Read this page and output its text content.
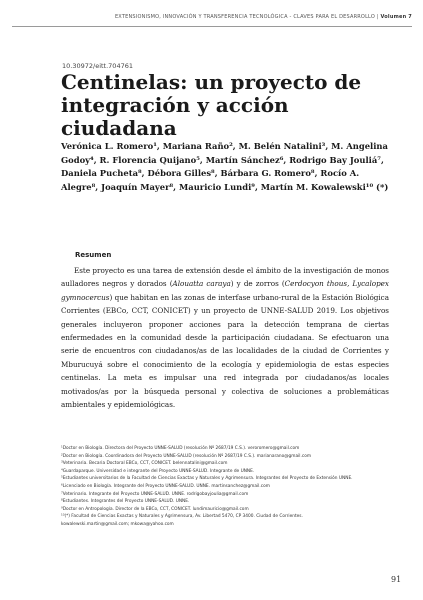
EXTENSIONISMO, INNOVACIÓN Y TRANSFERENCIA TECNOLÓGICA - CLAVES PARA EL DESARROLLO | Volumen 7
10.30972/eitt.704761
Centinelas: un proyecto de integración y acción ciudadana

Verónica L. Romero¹, Mariana Raño², M. Belén Natalini³, M. Angelina Godoy⁴, R. Florencia Quijano⁵, Martín Sánchez⁶, Rodrigo Bay Jouliá⁷, Daniela Pucheta⁸, Débora Gilles⁸, Bárbara G. Romero⁸, Rocío A. Alegre⁸, Joaquín Mayer⁸, Mauricio Lundi⁹, Martín M. Kowalewski¹⁰ (*)

Resumen

Este proyecto es una tarea de extensión desde el ámbito de la investigación de monos aulladores negros y dorados (Alouatta caraya) y de zorros (Cerdocyon thous, Lycalopex gymnocercus) que habitan en las zonas de interfase urbano-rural de la Estación Biológica Corrientes (EBCo, CCT, CONICET) y un proyecto de UNNE-SALUD 2019. Los objetivos generales incluyeron proponer acciones para la detección temprana de ciertas enfermedades en la comunidad desde la participación ciudadana. Se efectuaron una serie de encuentros con ciudadanos/as de las localidades de la ciudad de Corrientes y Mburucuyá sobre el conocimiento de la ecología y epidemiologia de estas especies centinelas. La meta es impulsar una red integrada por ciudadanos/as locales motivados/as por la búsqueda personal y colectiva de soluciones a problemáticas ambientales y epidemiológicas.

¹Doctor en Biología. Directora del Proyecto UNNE-SALUD (resolución Nº 2687/19 C.S.). veroromero@gmail.com

²Doctor en Biología. Coordinadora del Proyecto UNNE-SALUD (resolución Nº 2687/19 C.S.). marianarano@gmail.com

³Veterinaria. Becaria Doctoral EBCo, CCT, CONICET. belennatalini@gmail.com

⁴Guardaparque. Universidad e integrante del Proyecto UNNE-SALUD. Integrante de UNNE.

⁵Estudiantes universitarios de la Facultad de Ciencias Exactas y Naturales y Agrimensura. Integrantes del Proyecto de Extensión UNNE.

⁶Licenciado en Biología. Integrante del Proyecto UNNE-SALUD. UNNE. martinsanchez@gmail.com

⁷Veterinario. Integrante del Proyecto UNNE-SALUD. UNNE. rodrigobayjoulia@gmail.com

⁸Estudiantes. Integrantes del Proyecto UNNE-SALUD. UNNE.

⁹Doctor en Antropología. Director de la EBCo, CCT, CONICET. lundimauricio@gmail.com

¹⁰(*) Facultad de Ciencias Exactas y Naturales y Agrimensura, Av. Libertad 5470, CP 3400. Ciudad de Corrientes.

kowalewski.martin@gmail.com; mkowa@yahoo.com

91
